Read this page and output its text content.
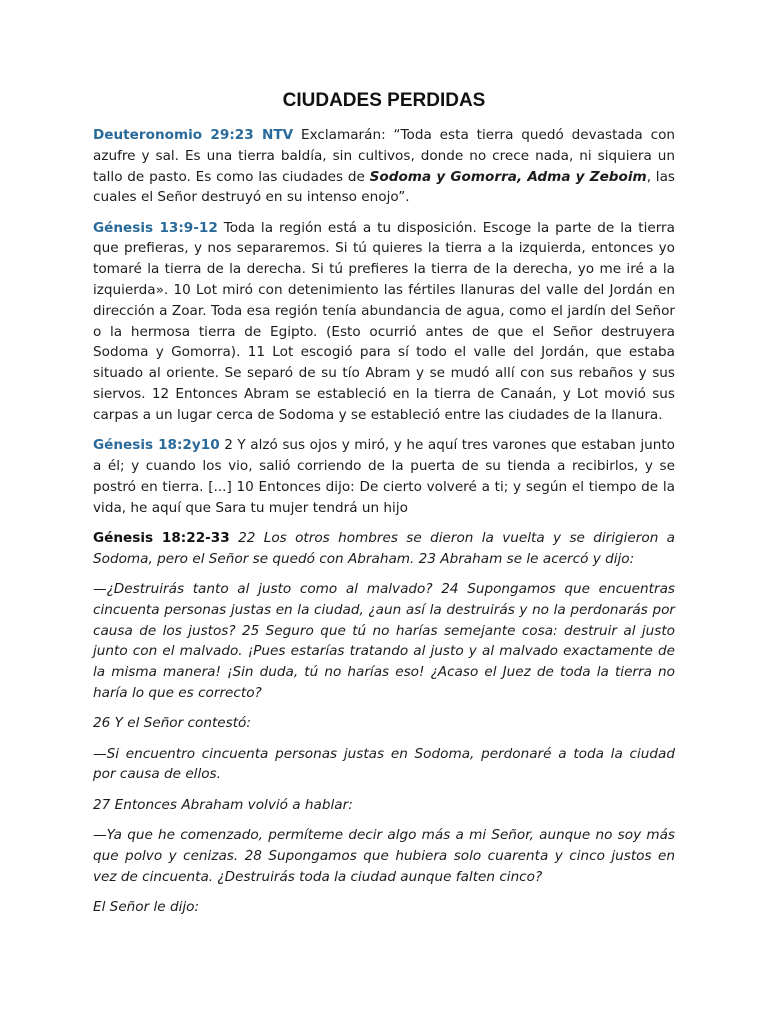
CIUDADES PERDIDAS

Deuteronomio 29:23 NTV Exclamarán: “Toda esta tierra quedó devastada con azufre y sal. Es una tierra baldía, sin cultivos, donde no crece nada, ni siquiera un tallo de pasto. Es como las ciudades de Sodoma y Gomorra, Adma y Zeboim, las cuales el Señor destruyó en su intenso enojo”.

Génesis 13:9-12 Toda la región está a tu disposición. Escoge la parte de la tierra que prefieras, y nos separaremos. Si tú quieres la tierra a la izquierda, entonces yo tomaré la tierra de la derecha. Si tú prefieres la tierra de la derecha, yo me iré a la izquierda». 10 Lot miró con detenimiento las fértiles llanuras del valle del Jordán en dirección a Zoar. Toda esa región tenía abundancia de agua, como el jardín del Señor o la hermosa tierra de Egipto. (Esto ocurrió antes de que el Señor destruyera Sodoma y Gomorra). 11 Lot escogió para sí todo el valle del Jordán, que estaba situado al oriente. Se separó de su tío Abram y se mudó allí con sus rebaños y sus siervos. 12 Entonces Abram se estableció en la tierra de Canaán, y Lot movió sus carpas a un lugar cerca de Sodoma y se estableció entre las ciudades de la llanura.

Génesis 18:2y10 2 Y alzó sus ojos y miró, y he aquí tres varones que estaban junto a él; y cuando los vio, salió corriendo de la puerta de su tienda a recibirlos, y se postró en tierra. [...] 10 Entonces dijo: De cierto volveré a ti; y según el tiempo de la vida, he aquí que Sara tu mujer tendrá un hijo

Génesis 18:22-33 22 Los otros hombres se dieron la vuelta y se dirigieron a Sodoma, pero el Señor se quedó con Abraham. 23 Abraham se le acercó y dijo:

—¿Destruirás tanto al justo como al malvado? 24 Supongamos que encuentras cincuenta personas justas en la ciudad, ¿aun así la destruirás y no la perdonarás por causa de los justos? 25 Seguro que tú no harías semejante cosa: destruir al justo junto con el malvado. ¡Pues estarías tratando al justo y al malvado exactamente de la misma manera! ¡Sin duda, tú no harías eso! ¿Acaso el Juez de toda la tierra no haría lo que es correcto?

26 Y el Señor contestó:

—Si encuentro cincuenta personas justas en Sodoma, perdonaré a toda la ciudad por causa de ellos.

27 Entonces Abraham volvió a hablar:

—Ya que he comenzado, permíteme decir algo más a mi Señor, aunque no soy más que polvo y cenizas. 28 Supongamos que hubiera solo cuarenta y cinco justos en vez de cincuenta. ¿Destruirás toda la ciudad aunque falten cinco?

El Señor le dijo:
